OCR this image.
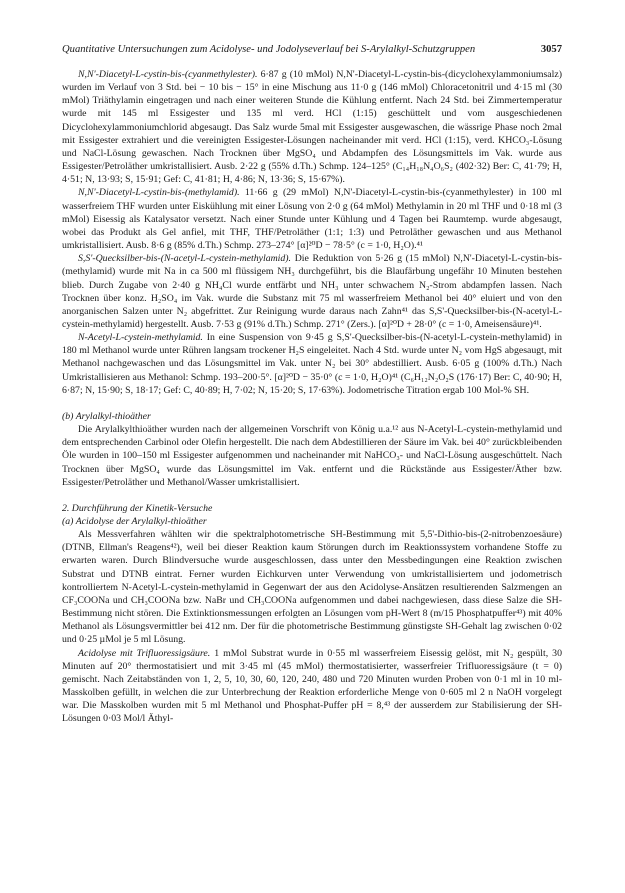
Quantitative Untersuchungen zum Acidolyse- und Jodolyseverlauf bei S-Arylalkyl-Schutzgruppen	3057

N,N'-Diacetyl-L-cystin-bis-(cyanmethylester). 6·87 g (10 mMol) N,N'-Diacetyl-L-cystin-bis-(dicyclohexylammoniumsalz) wurden im Verlauf von 3 Std. bei − 10 bis − 15° in eine Mischung aus 11·0 g (146 mMol) Chloracetonitril und 4·15 ml (30 mMol) Triäthylamin eingetragen und nach einer weiteren Stunde die Kühlung entfernt. Nach 24 Std. bei Zimmertemperatur wurde mit 145 ml Essigester und 135 ml verd. HCl (1:15) geschüttelt und vom ausgeschiedenen Dicyclohexylammoniumchlorid abgesaugt. Das Salz wurde 5mal mit Essigester ausgewaschen, die wässrige Phase noch 2mal mit Essigester extrahiert und die vereinigten Essigester-Lösungen nacheinander mit verd. HCl (1:15), verd. KHCO₃-Lösung und NaCl-Lösung gewaschen. Nach Trocknen über MgSO₄ und Abdampfen des Lösungsmittels im Vak. wurde aus Essigester/Petroläther umkristallisiert. Ausb. 2·22 g (55% d.Th.) Schmp. 124–125° (C₁₄H₁₈N₄O₆S₂ (402·32) Ber: C, 41·79; H, 4·51; N, 13·93; S, 15·91; Gef: C, 41·81; H, 4·86; N, 13·36; S, 15·67%).

N,N'-Diacetyl-L-cystin-bis-(methylamid). 11·66 g (29 mMol) N,N'-Diacetyl-L-cystin-bis-(cyanmethylester) in 100 ml wasserfreiem THF wurden unter Eiskühlung mit einer Lösung von 2·0 g (64 mMol) Methylamin in 20 ml THF und 0·18 ml (3 mMol) Eisessig als Katalysator versetzt. Nach einer Stunde unter Kühlung und 4 Tagen bei Raumtemp. wurde abgesaugt, wobei das Produkt als Gel anfiel, mit THF, THF/Petroläther (1:1; 1:3) und Petroläther gewaschen und aus Methanol umkristallisiert. Ausb. 8·6 g (85% d.Th.) Schmp. 273–274° [α]²⁰D − 78·5° (c = 1·0, H₂O).⁴¹

S,S'-Quecksilber-bis-(N-acetyl-L-cystein-methylamid). Die Reduktion von 5·26 g (15 mMol) N,N'-Diacetyl-L-cystin-bis-(methylamid) wurde mit Na in ca 500 ml flüssigem NH₃ durchgeführt, bis die Blaufärbung ungefähr 10 Minuten bestehen blieb. Durch Zugabe von 2·40 g NH₄Cl wurde entfärbt und NH₃ unter schwachem N₂-Strom abdampfen lassen. Nach Trocknen über konz. H₂SO₄ im Vak. wurde die Substanz mit 75 ml wasserfreiem Methanol bei 40° eluiert und von den anorganischen Salzen unter N₂ abgefrittet. Zur Reinigung wurde daraus nach Zahn⁴¹ das S,S'-Quecksilber-bis-(N-acetyl-L-cystein-methylamid) hergestellt. Ausb. 7·53 g (91% d.Th.) Schmp. 271° (Zers.). [α]²⁰D + 28·0° (c = 1·0, Ameisensäure)⁴¹.

N-Acetyl-L-cystein-methylamid. In eine Suspension von 9·45 g S,S'-Quecksilber-bis-(N-acetyl-L-cystein-methylamid) in 180 ml Methanol wurde unter Rühren langsam trockener H₂S eingeleitet. Nach 4 Std. wurde unter N₂ vom HgS abgesaugt, mit Methanol nachgewaschen und das Lösungsmittel im Vak. unter N₂ bei 30° abdestilliert. Ausb. 6·05 g (100% d.Th.) Nach Umkristallisieren aus Methanol: Schmp. 193–200·5°. [α]²⁰D − 35·0° (c = 1·0, H₂O)⁴¹ (C₆H₁₂N₂O₂S (176·17) Ber: C, 40·90; H, 6·87; N, 15·90; S, 18·17; Gef: C, 40·89; H, 7·02; N, 15·20; S, 17·63%). Jodometrische Titration ergab 100 Mol-% SH.

(b) Arylalkyl-thioäther

Die Arylalkylthioäther wurden nach der allgemeinen Vorschrift von König u.a.¹² aus N-Acetyl-L-cystein-methylamid und dem entsprechenden Carbinol oder Olefin hergestellt. Die nach dem Abdestillieren der Säure im Vak. bei 40° zurückbleibenden Öle wurden in 100–150 ml Essigester aufgenommen und nacheinander mit NaHCO₃- und NaCl-Lösung ausgeschüttelt. Nach Trocknen über MgSO₄ wurde das Lösungsmittel im Vak. entfernt und die Rückstände aus Essigester/Äther bzw. Essigester/Petroläther und Methanol/Wasser umkristallisiert.

2. Durchführung der Kinetik-Versuche
(a) Acidolyse der Arylalkyl-thioäther

Als Messverfahren wählten wir die spektralphotometrische SH-Bestimmung mit 5,5'-Dithio-bis-(2-nitrobenzoesäure) (DTNB, Ellman's Reagens⁴²), weil bei dieser Reaktion kaum Störungen durch im Reaktionssystem vorhandene Stoffe zu erwarten waren. Durch Blindversuche wurde ausgeschlossen, dass unter den Messbedingungen eine Reaktion zwischen Substrat und DTNB eintrat. Ferner wurden Eichkurven unter Verwendung von umkristallisiertem und jodometrisch kontrolliertem N-Acetyl-L-cystein-methylamid in Gegenwart der aus den Acidolyse-Ansätzen resultierenden Salzmengen an CF₃COONa und CH₃COONa bzw. NaBr und CH₃COONa aufgenommen und dabei nachgewiesen, dass diese Salze die SH-Bestimmung nicht stören. Die Extinktionsmessungen erfolgten an Lösungen vom pH-Wert 8 (m/15 Phosphatpuffer⁴³) mit 40% Methanol als Lösungsvermittler bei 412 nm. Der für die photometrische Bestimmung günstigste SH-Gehalt lag zwischen 0·02 und 0·25 µMol je 5 ml Lösung.

Acidolyse mit Trifluoressigsäure. 1 mMol Substrat wurde in 0·55 ml wasserfreiem Eisessig gelöst, mit N₂ gespült, 30 Minuten auf 20° thermostatisiert und mit 3·45 ml (45 mMol) thermostatisierter, wasserfreier Trifluoressigsäure (t = 0) gemischt. Nach Zeitabständen von 1, 2, 5, 10, 30, 60, 120, 240, 480 und 720 Minuten wurden Proben von 0·1 ml in 10 ml-Masskolben gefüllt, in welchen die zur Unterbrechung der Reaktion erforderliche Menge von 0·605 ml 2 n NaOH vorgelegt war. Die Masskolben wurden mit 5 ml Methanol und Phosphat-Puffer pH = 8,⁴³ der ausserdem zur Stabilisierung der SH-Lösungen 0·03 Mol/l Äthyl-
